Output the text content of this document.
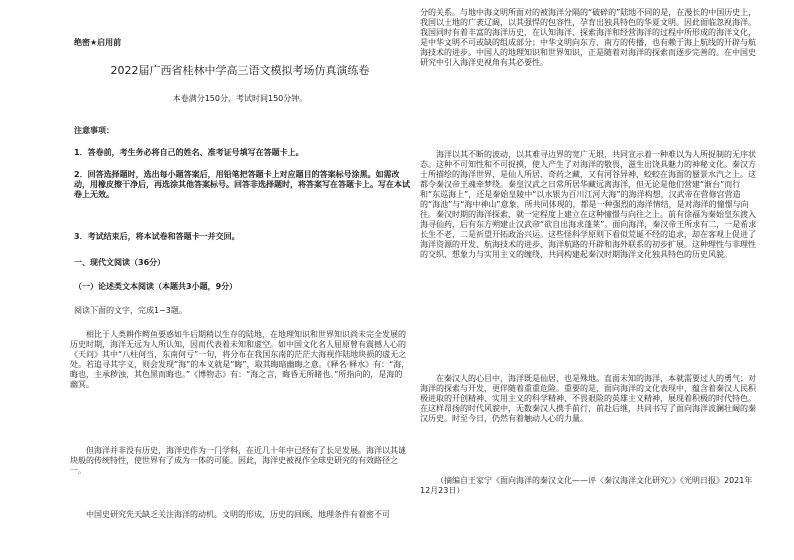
绝密★启用前
2022届广西省桂林中学高三语文模拟考场仿真演练卷
本卷满分150分，考试时间150分钟。
注意事项：
1．答卷前，考生务必将自己的姓名、准考证号填写在答题卡上。
2．回答选择题时，选出每小题答案后，用铅笔把答题卡上对应题目的答案标号涂黑。如需改动，用橡皮擦干净后，再选涂其他答案标号。回答非选择题时，将答案写在答题卡上。写在本试卷上无效。
3．考试结束后，将本试卷和答题卡一并交回。
一、现代文阅读（36分）
（一）论述类文本阅读（本题共3小题，9分）
阅读下面的文字，完成1~3题。

相比于人类耕作鳄鱼要惑如牛后期稍以生存的陆地，在地理知识和世界知识尚未完全发展的历史时期，海洋无远为人所认知，因而代表着未知和虚空。如中国文化名人屈原曾有震撼人心的《天问》其中“八柱何当，东南何亏”一句，将分布在我国东南的茫茫大海视作陆地块损的虚无之处。若追寻其字义，则会发现“海”的本义就是“晦”，取其晦暗幽晦之意。《释名·释水》有：“海，晦也，主承秽浊，其色黑而晦也。”《博物志》有：“海之言，晦昏无所睹也。”所指向的，是海的幽冥。

但海洋并非没有历史，海洋史作为一门学科，在近几十年中已经有了长足发展。海洋以其谜块般的传统特性，使世界有了成为一体的可能。因此，海洋史被视作全球史研究的有效路径之一。

中国史研究先天缺乏关注海洋的动机。文明的形成、历史的回顾、地理条件有着密不可

分的关系。与地中海文明所面对的被海洋分隔的“破碎的”陆地不同的是，在漫长的中国历史上，我国以土地的广袤辽阔，以其强悍的包容性，孕育出独具特色的华夏文明。因此面临忽视海洋。我国同时有着丰富的海洋历史，在认知海洋、探索海洋和经营海洋的过程中所形成的海洋文化，是中华文明不可或缺的组成部分；中华文明向东方、南方的传播，也有赖于海上航线的开辟与航海技术的进步。中国人的地理知识和世界知识，正是随着对海洋的探索而逐步完善的。在中国史研究中引入海洋史视角有其必要性。

海洋以其不断的波动，以其难寻边界的宽广无垠，共同宣示着一种难以为人所捉制的无序状态。这种不可知性和不可捉摸，使人产生了对海洋的敬畏，滋生出饶具魅力的神秘文化。秦汉方士所描绘的海洋世界，是仙人所居、奇药之藏，又有河谷异神，蛟蛟在海面的蜃景水汽之上。这都令秦汉帝王魂牵梦绕。秦皇汉武之日常所居华藏远离海洋，但无论是他们营建“渐台”而行和“东巡海上”，还是秦始皇陵中“以水银为百川江河大海”的海洋构想，汉武帝在营修宫营造的“海池”与“海中神山”意象，所共同体现的，都是一种强烈的海洋情结，是对海洋的憧憬与向往。秦汉时期的海洋探索，就一定程度上建立在这种憧憬与向往之上。前有徐福为秦始皇东渡入海寻仙药，后有东方朔建止汉武帝“欲自出海求蓬莱”。面向海洋，秦汉帝王所求有二，一是希求长生不老，二是祈望开拓政治兴运。这些怪科学原则下看似荒诞不经的追求，却在客观上促进了海洋资源的开发、航海技术的进步、海洋航路的开辟和海外联系的初步扩展。这种理性与非理性的交织、想象力与实用主义的缠绕，共同构建起秦汉时期海洋文化独具特色的历史风貌。

在秦汉人的心目中，海洋既是仙居，也是殊地。直面未知的海洋，本就需要过人的勇气；对海洋的探索与开发，更伴随着重重危险。重要的是，面向海洋的文化表现中，蕴含着秦汉人民积极进取的开创精神、实用主义的科学精神、不畏艰险的英雄主义精神，展现着积极的时代特色。在这样昂扬的时代风貌中，无数秦汉人携手前行，前赴后继，共同书写了面向海洋波澜壮阔的秦汉历史。时至今日，仍然有着触动人心的力量。

（摘编自王家宁《面向海洋的秦汉文化——评〈秦汉海洋文化研究〉》《光明日报》2021年12月23日）
